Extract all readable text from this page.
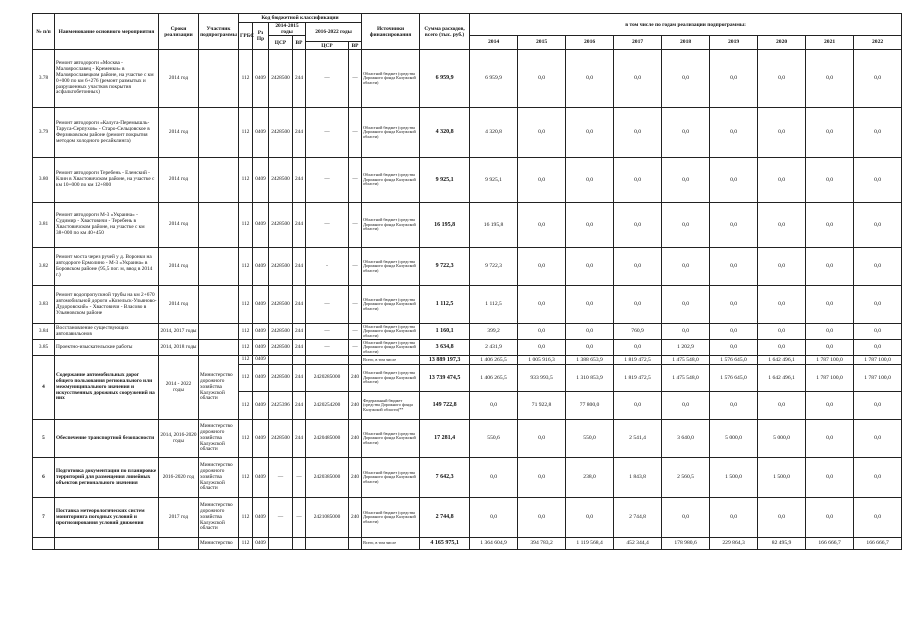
№ п/п	Наименование основного мероприятия	Сроки реализации	Участник подпрограммы	Код бюджетной классификации						Источники финансирования	Сумма расходов, всего (тыс. руб.)	в том числе по годам реализации подпрограммы:								
				ГРБС	Рз Пр	2014-2015 годы		2016-2022 годы												
						ЦСР	ВР					2014	2015	2016	2017	2018	2019	2020	2021	2022
								ЦСР	ВР											
3.78	Ремонт автодороги «Москва - Малоярославец - Кременки» в Малоярославецком районе, на участке с км 0+000 по км 6+276 (ремонт размытых и разрушенных участков покрытия асфальтобетонных)	2014 год		112	0409	2428500	244	—	—	Областной бюджет (средства Дорожного фонда Калужской области)	6 959,9	6 959,9	0,0	0,0	0,0	0,0	0,0	0,0	0,0	0,0
3.79	Ремонт автодороги «Калуга-Перемышль-Таруса-Серпухов» - Старо-Сельцовское в Ферзиковском районе (ремонт покрытия методом холодного ресайклинга)	2014 год		112	0409	2428500	244	—	—	Областной бюджет (средства Дорожного фонда Калужской области)	4 320,8	4 320,8	0,0	0,0	0,0	0,0	0,0	0,0	0,0	0,0
3.80	Ремонт автодороги Теребень - Еленский - Клин в Хвастовичском районе, на участке с км 10+000 по км 12+800	2014 год		112	0409	2428500	244	—	—	Областной бюджет (средства Дорожного фонда Калужской области)	9 925,1	9 925,1	0,0	0,0	0,0	0,0	0,0	0,0	0,0	0,0
3.81	Ремонт автодороги М-3 «Украина» - Судимир - Хвастовичи - Теребень в Хвастовичском районе, на участке с км 38+000 по км 40+450	2014 год		112	0409	2428500	244	—	—	Областной бюджет (средства Дорожного фонда Калужской области)	16 195,8	16 195,8	0,0	0,0	0,0	0,0	0,0	0,0	0,0	0,0
3.82	Ремонт моста через ручей у д. Воронки на автодороге Ермолино - М-3 «Украина» в Боровском районе (95,5 пог. м, ввод в 2014 г.)	2014 год		112	0409	2428500	244	-	—	Областной бюджет (средства Дорожного фонда Калужской области)	9 722,3	9 722,3	0,0	0,0	0,0	0,0	0,0	0,0	0,0	0,0
3.83	Ремонт водопропускной трубы на км 2+670 автомобильной дороги «Козельск-Ульяново-Дудоровский» - Хвастовичи - Власово в Ульяновском районе	2014 год		112	0409	2428500	244	—	—	Областной бюджет (средства Дорожного фонда Калужской области)	1 112,5	1 112,5	0,0	0,0	0,0	0,0	0,0	0,0	0,0	0,0
3.84	Восстановление существующих автопавильонов	2014, 2017 годы		112	0409	2428500	244	—	—	Областной бюджет (средства Дорожного фонда Калужской области)	1 160,1	399,2	0,0	0,0	760,9	0,0	0,0	0,0	0,0	0,0
3.85	Проектно-изыскательские работы	2014, 2018 годы		112	0409	2428500	244	—	—	Областной бюджет (средства Дорожного фонда Калужской области)	3 634,8	2 431,9	0,0	0,0	0,0	1 202,9	0,0	0,0	0,0	0,0
4	Содержание автомобильных дорог общего пользования регионального или межмуниципального значения и искусственных дорожных сооружений на них	2014 - 2022 годы	Министерство дорожного хозяйства Калужской области	112	0409					Всего, в том числе	13 889 197,3	1 406 265,5	1 005 916,3	1 388 653,9	1 819 472,5	1 475 548,0	1 576 645,0	1 642 496,1	1 787 100,0	1 787 100,0
				112	0409	2428500	244	2420285000	240	Областной бюджет (средства Дорожного фонда Калужской области)	13 739 474,5	1 406 265,5	933 993,5	1 310 853,9	1 819 472,5	1 475 548,0	1 576 645,0	1 642 496,1	1 787 100,0	1 787 100,0
				112	0409	2425396	244	2420254200	240	Федеральный бюджет (средства Дорожного фонда Калужской области)**	149 722,8	0,0	71 922,8	77 800,0	0,0	0,0	0,0	0,0	0,0	0,0
5	Обеспечение транспортной безопасности	2014, 2016-2020 годы	Министерство дорожного хозяйства Калужской области	112	0409	2428500	244	2420485000	240	Областной бюджет (средства Дорожного фонда Калужской области)	17 281,4	550,6	0,0	550,0	2 541,4	3 640,0	5 000,0	5 000,0	0,0	0,0
6	Подготовка документации по планировке территорий для размещения линейных объектов регионального значения	2016-2020 год	Министерство дорожного хозяйства Калужской области	112	0409	—	—	2420385000	240	Областной бюджет (средства Дорожного фонда Калужской области)	7 642,3	0,0	0,0	238,0	1 843,8	2 560,5	1 500,0	1 500,0	0,0	0,0
7	Поставка метеорологических систем мониторинга погодных условий и прогнозирования условий движения	2017 год	Министерство дорожного хозяйства Калужской области	112	0409	—	—	2421085000	240	Областной бюджет (средства Дорожного фонда Калужской области)	2 744,8	0,0	0,0	0,0	2 744,8	0,0	0,0	0,0	0,0	0,0
			Министерство	112	0409					Всего, в том числе	4 165 975,1	1 364 604,9	394 783,2	1 119 568,4	452 344,4	178 980,6	229 864,3	82 495,9	166 666,7	166 666,7
